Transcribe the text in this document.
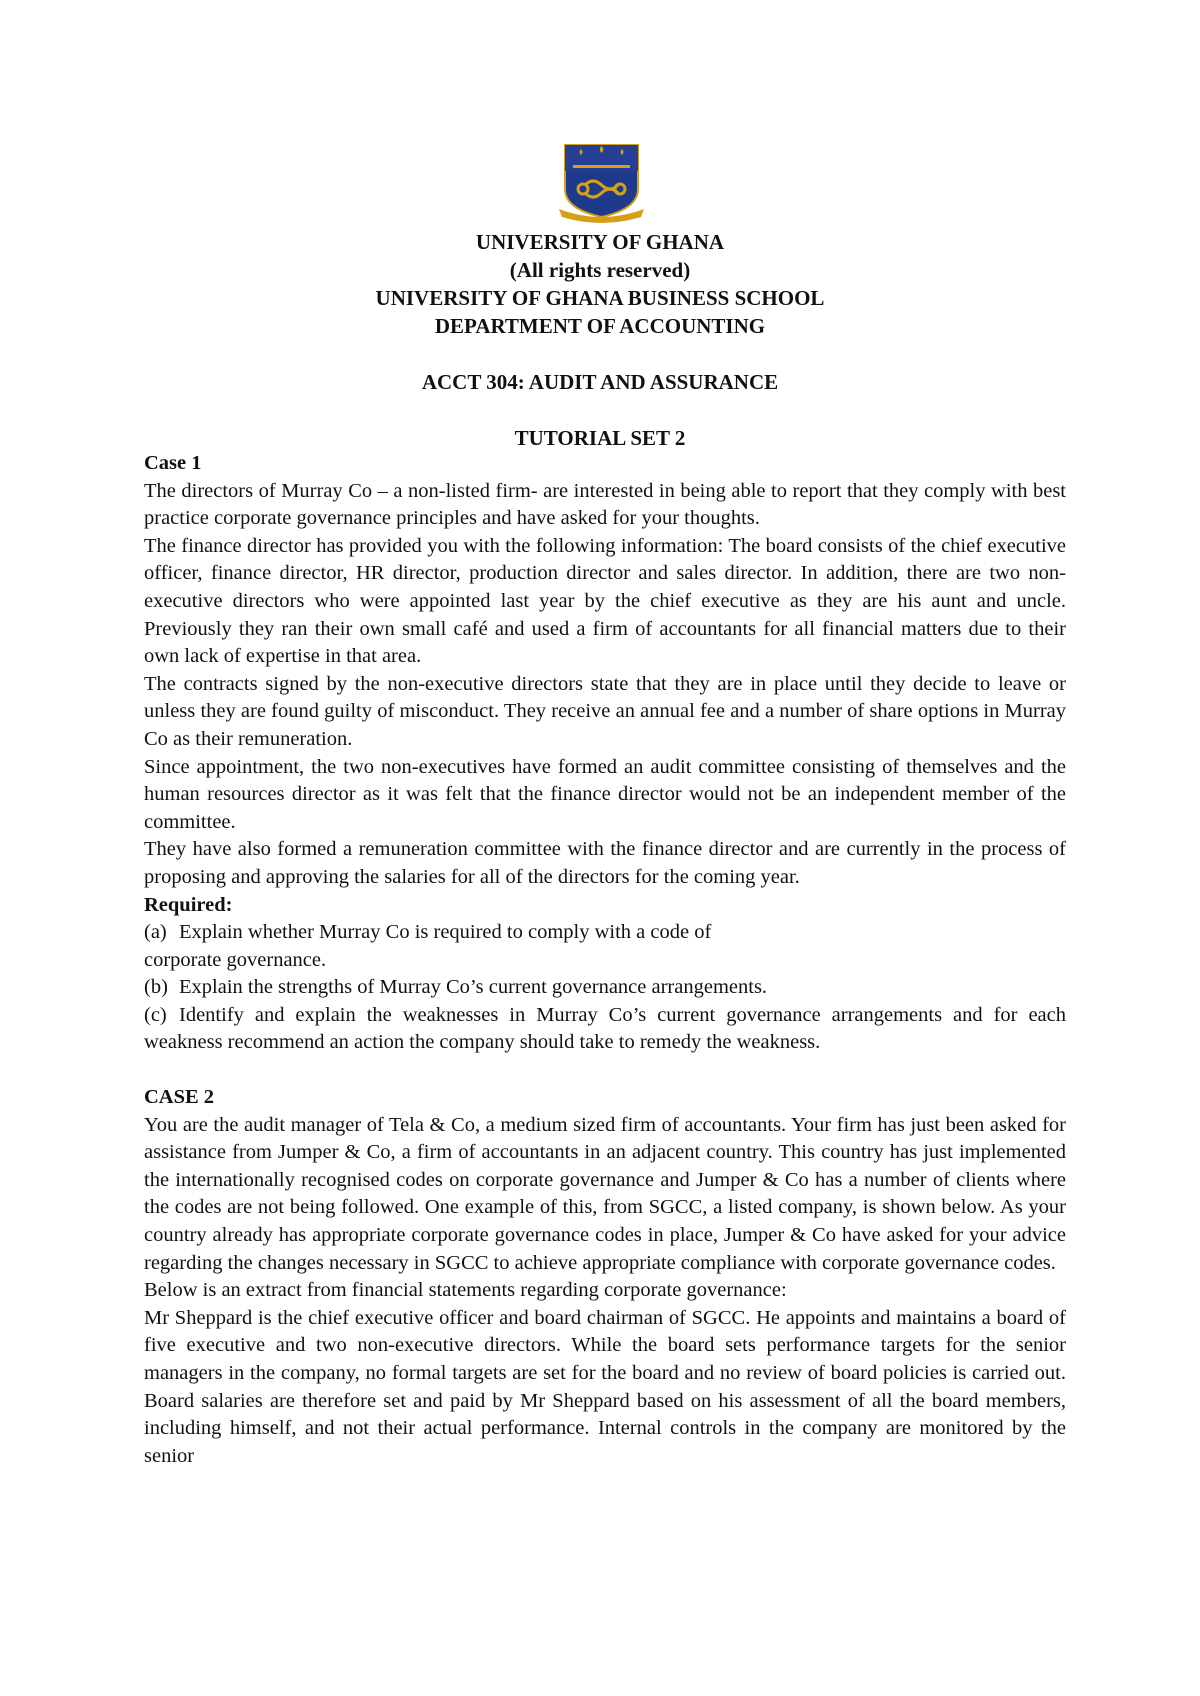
UNIVERSITY OF GHANA
(All rights reserved)
UNIVERSITY OF GHANA BUSINESS SCHOOL
DEPARTMENT OF ACCOUNTING
ACCT 304: AUDIT AND ASSURANCE
TUTORIAL SET 2

Case 1

The directors of Murray Co – a non-listed firm- are interested in being able to report that they comply with best practice corporate governance principles and have asked for your thoughts.

The finance director has provided you with the following information: The board consists of the chief executive officer, finance director, HR director, production director and sales director. In addition, there are two non-executive directors who were appointed last year by the chief executive as they are his aunt and uncle. Previously they ran their own small café and used a firm of accountants for all financial matters due to their own lack of expertise in that area.

The contracts signed by the non-executive directors state that they are in place until they decide to leave or unless they are found guilty of misconduct. They receive an annual fee and a number of share options in Murray Co as their remuneration.

Since appointment, the two non-executives have formed an audit committee consisting of themselves and the human resources director as it was felt that the finance director would not be an independent member of the committee.

They have also formed a remuneration committee with the finance director and are currently in the process of proposing and approving the salaries for all of the directors for the coming year.

Required:

(a) Explain whether Murray Co is required to comply with a code of

corporate governance.

(b) Explain the strengths of Murray Co’s current governance arrangements.

(c) Identify and explain the weaknesses in Murray Co’s current governance arrangements and for each weakness recommend an action the company should take to remedy the weakness.

CASE 2

You are the audit manager of Tela & Co, a medium sized firm of accountants. Your firm has just been asked for assistance from Jumper & Co, a firm of accountants in an adjacent country. This country has just implemented the internationally recognised codes on corporate governance and Jumper & Co has a number of clients where the codes are not being followed. One example of this, from SGCC, a listed company, is shown below. As your country already has appropriate corporate governance codes in place, Jumper & Co have asked for your advice regarding the changes necessary in SGCC to achieve appropriate compliance with corporate governance codes.

Below is an extract from financial statements regarding corporate governance:

Mr Sheppard is the chief executive officer and board chairman of SGCC. He appoints and maintains a board of five executive and two non-executive directors. While the board sets performance targets for the senior managers in the company, no formal targets are set for the board and no review of board policies is carried out. Board salaries are therefore set and paid by Mr Sheppard based on his assessment of all the board members, including himself, and not their actual performance. Internal controls in the company are monitored by the senior
